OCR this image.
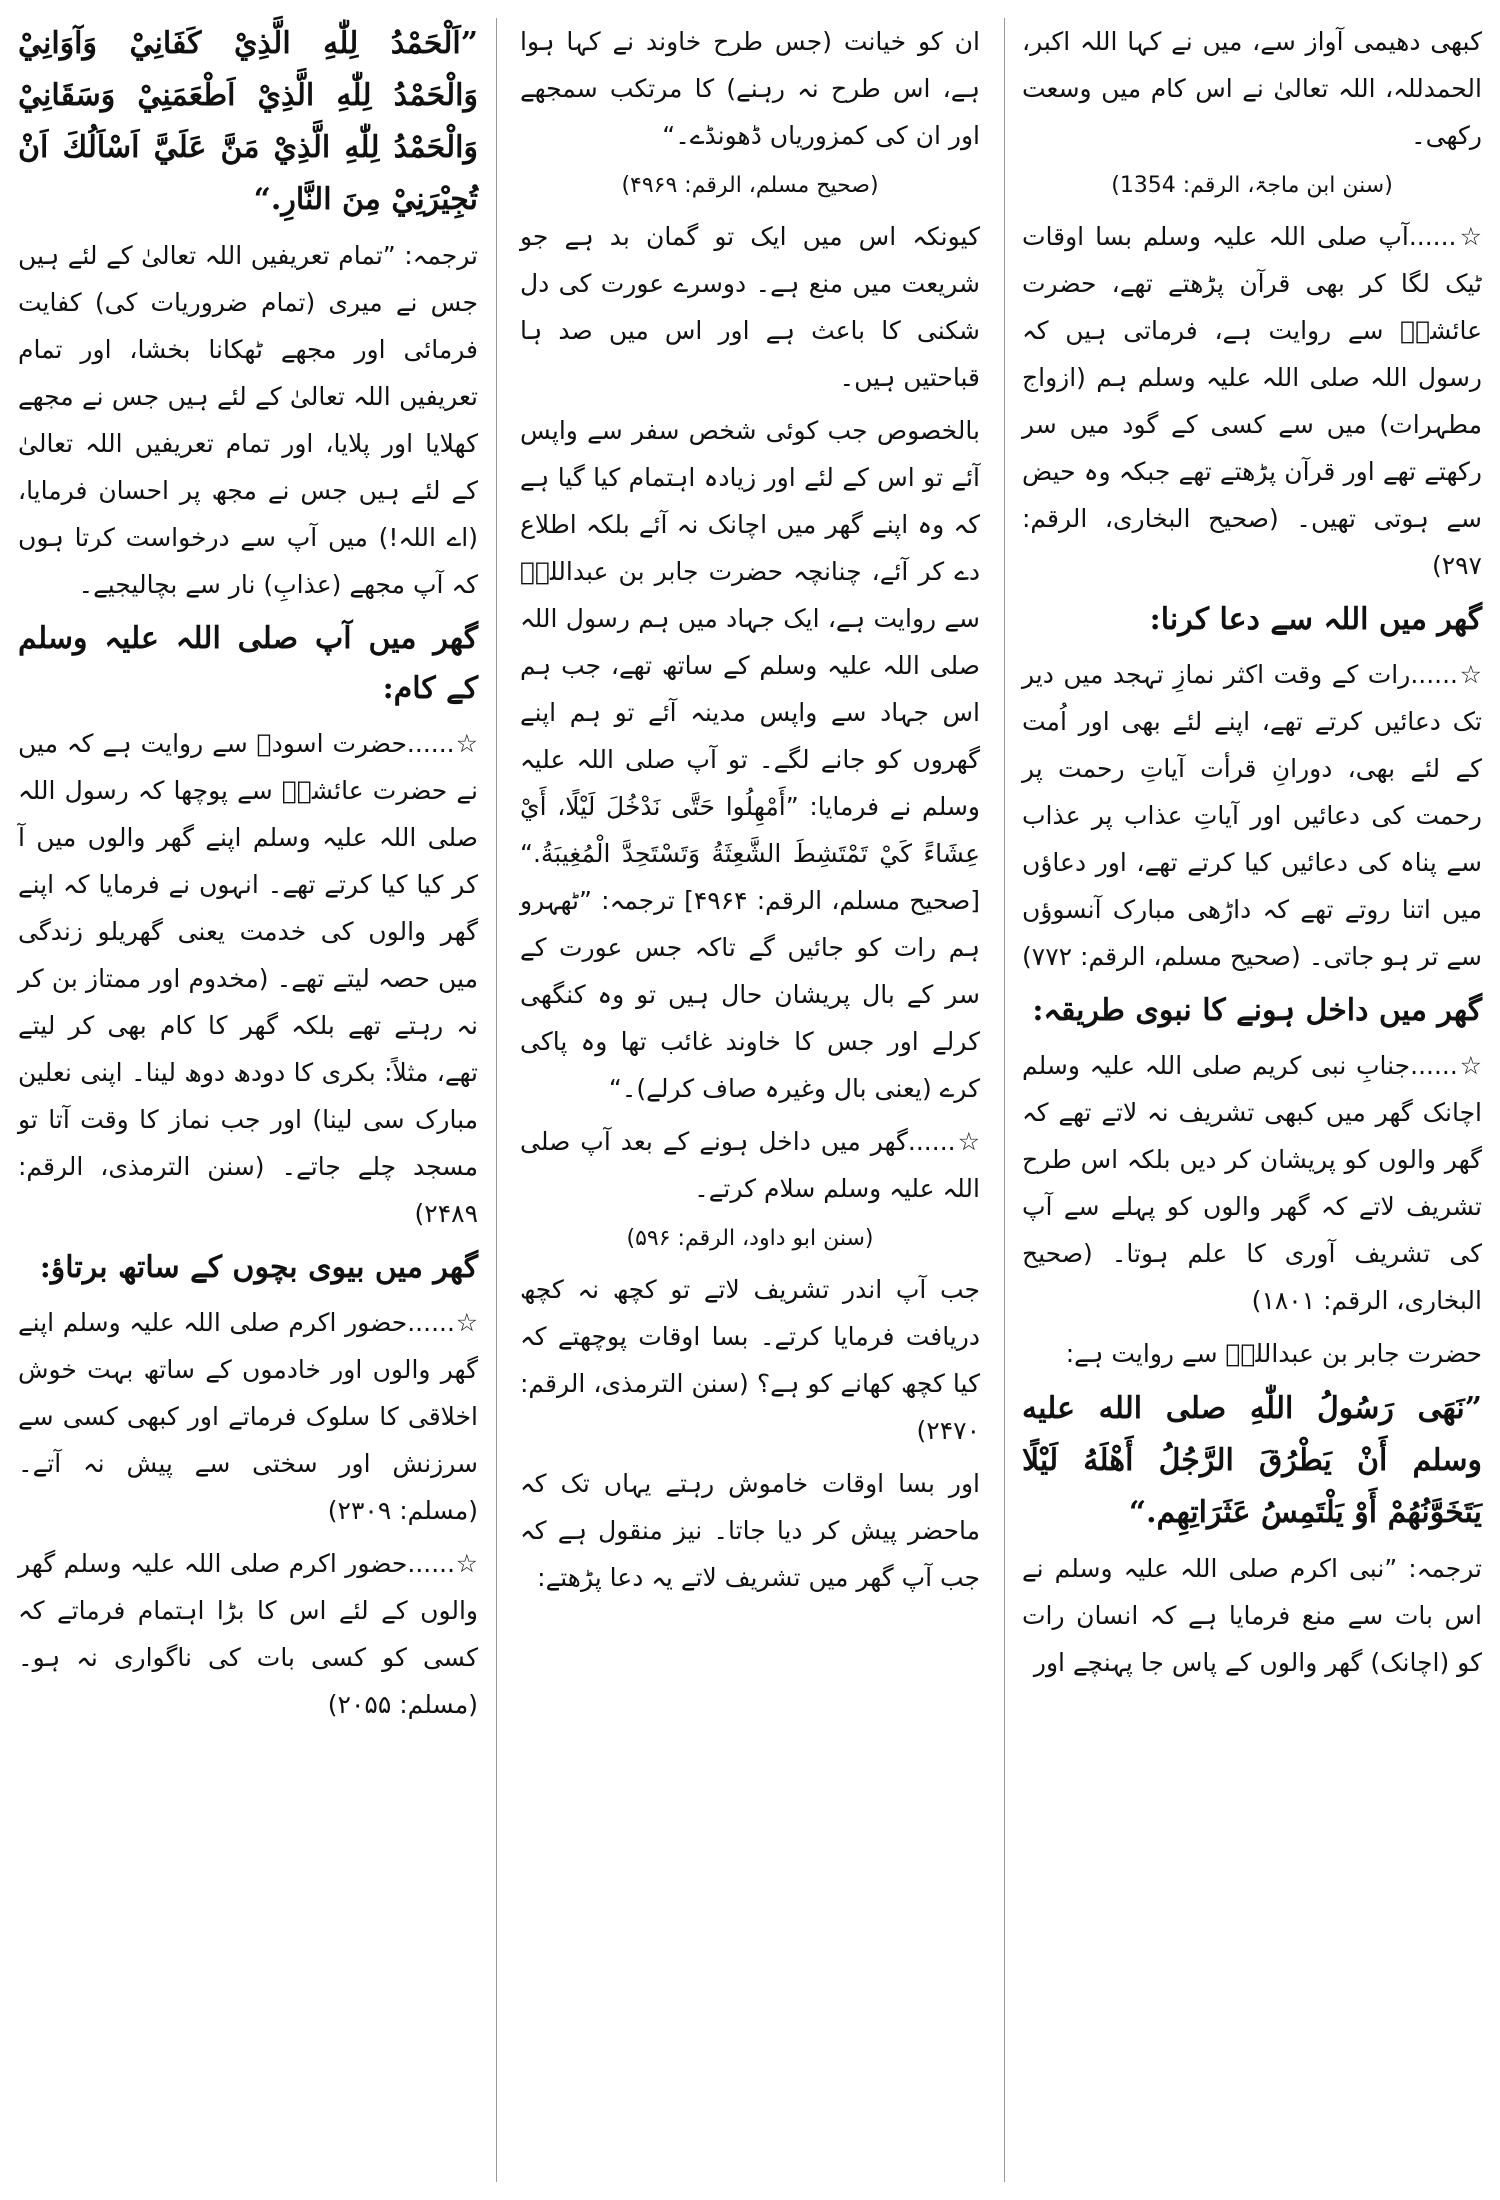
کبھی دھیمی آواز سے، میں نے کہا اللہ اکبر، الحمدللہ، اللہ تعالیٰ نے اس کام میں وسعت رکھی۔

(سنن ابن ماجۃ، الرقم: 1354)

☆......آپ صلی اللہ علیہ وسلم بسا اوقات ٹیک لگا کر بھی قرآن پڑھتے تھے، حضرت عائشہؓ سے روایت ہے، فرماتی ہیں کہ رسول اللہ صلی اللہ علیہ وسلم ہم (ازواج مطہرات) میں سے کسی کے گود میں سر رکھتے تھے اور قرآن پڑھتے تھے جبکہ وہ حیض سے ہوتی تھیں۔ (صحیح البخاری، الرقم: ۲۹۷)

گھر میں اللہ سے دعا کرنا:

☆......رات کے وقت اکثر نمازِ تہجد میں دیر تک دعائیں کرتے تھے، اپنے لئے بھی اور اُمت کے لئے بھی، دورانِ قرأت آیاتِ رحمت پر رحمت کی دعائیں اور آیاتِ عذاب پر عذاب سے پناہ کی دعائیں کیا کرتے تھے، اور دعاؤں میں اتنا روتے تھے کہ داڑھی مبارک آنسوؤں سے تر ہو جاتی۔ (صحیح مسلم، الرقم: ۷۷۲)

گھر میں داخل ہونے کا نبوی طریقہ:

☆......جنابِ نبی کریم صلی اللہ علیہ وسلم اچانک گھر میں کبھی تشریف نہ لاتے تھے کہ گھر والوں کو پریشان کر دیں بلکہ اس طرح تشریف لاتے کہ گھر والوں کو پہلے سے آپ کی تشریف آوری کا علم ہوتا۔ (صحیح البخاری، الرقم: ۱۸۰۱)

حضرت جابر بن عبداللہؓ سے روایت ہے:

”نَهَى رَسُولُ اللّٰهِ صلى الله عليه وسلم أَنْ يَطْرُقَ الرَّجُلُ أَهْلَهُ لَيْلًا يَتَخَوَّنُهُمْ أَوْ يَلْتَمِسُ عَثَرَاتِهِم.“

ترجمہ: ”نبی اکرم صلی اللہ علیہ وسلم نے اس بات سے منع فرمایا ہے کہ انسان رات کو (اچانک) گھر والوں کے پاس جا پہنچے اور

ان کو خیانت (جس طرح خاوند نے کہا ہوا ہے، اس طرح نہ رہنے) کا مرتکب سمجھے اور ان کی کمزوریاں ڈھونڈے۔“

(صحیح مسلم، الرقم: ۴۹۶۹)

کیونکہ اس میں ایک تو گمان بد ہے جو شریعت میں منع ہے۔ دوسرے عورت کی دل شکنی کا باعث ہے اور اس میں صد ہا قباحتیں ہیں۔

بالخصوص جب کوئی شخص سفر سے واپس آئے تو اس کے لئے اور زیادہ اہتمام کیا گیا ہے کہ وہ اپنے گھر میں اچانک نہ آئے بلکہ اطلاع دے کر آئے، چنانچہ حضرت جابر بن عبداللہؓ سے روایت ہے، ایک جہاد میں ہم رسول اللہ صلی اللہ علیہ وسلم کے ساتھ تھے، جب ہم اس جہاد سے واپس مدینہ آئے تو ہم اپنے گھروں کو جانے لگے۔ تو آپ صلی اللہ علیہ وسلم نے فرمایا: ”أَمْهِلُوا حَتَّى نَدْخُلَ لَيْلًا، أَيْ عِشَاءً كَيْ تَمْتَشِطَ الشَّعِثَةُ وَتَسْتَحِدَّ الْمُغِيبَةُ.“ [صحيح مسلم، الرقم: ۴۹۶۴] ترجمہ: ”ٹھہرو ہم رات کو جائیں گے تاکہ جس عورت کے سر کے بال پریشان حال ہیں تو وہ کنگھی کرلے اور جس کا خاوند غائب تھا وہ پاکی کرے (یعنی بال وغیرہ صاف کرلے)۔“

☆......گھر میں داخل ہونے کے بعد آپ صلی اللہ علیہ وسلم سلام کرتے۔

(سنن ابو داود، الرقم: ۵۹۶)

جب آپ اندر تشریف لاتے تو کچھ نہ کچھ دریافت فرمایا کرتے۔ بسا اوقات پوچھتے کہ کیا کچھ کھانے کو ہے؟ (سنن الترمذی، الرقم: ۲۴۷۰)

اور بسا اوقات خاموش رہتے یہاں تک کہ ماحضر پیش کر دیا جاتا۔ نیز منقول ہے کہ جب آپ گھر میں تشریف لاتے یہ دعا پڑھتے:

”اَلْحَمْدُ لِلّٰهِ الَّذِيْ كَفَانِيْ وَآوَانِيْ وَالْحَمْدُ لِلّٰهِ الَّذِيْ اَطْعَمَنِيْ وَسَقَانِيْ وَالْحَمْدُ لِلّٰهِ الَّذِيْ مَنَّ عَلَيَّ اَسْاَلُكَ اَنْ تُجِيْرَنِيْ مِنَ النَّارِ.“

ترجمہ: ”تمام تعریفیں اللہ تعالیٰ کے لئے ہیں جس نے میری (تمام ضروریات کی) کفایت فرمائی اور مجھے ٹھکانا بخشا، اور تمام تعریفیں اللہ تعالیٰ کے لئے ہیں جس نے مجھے کھلایا اور پلایا، اور تمام تعریفیں اللہ تعالیٰ کے لئے ہیں جس نے مجھ پر احسان فرمایا، (اے اللہ!) میں آپ سے درخواست کرتا ہوں کہ آپ مجھے (عذابِ) نار سے بچالیجیے۔

گھر میں آپ صلی اللہ علیہ وسلم کے کام:

☆......حضرت اسودؓ سے روایت ہے کہ میں نے حضرت عائشہؓ سے پوچھا کہ رسول اللہ صلی اللہ علیہ وسلم اپنے گھر والوں میں آ کر کیا کیا کرتے تھے۔ انہوں نے فرمایا کہ اپنے گھر والوں کی خدمت یعنی گھریلو زندگی میں حصہ لیتے تھے۔ (مخدوم اور ممتاز بن کر نہ رہتے تھے بلکہ گھر کا کام بھی کر لیتے تھے، مثلاً: بکری کا دودھ دوھ لینا۔ اپنی نعلین مبارک سی لینا) اور جب نماز کا وقت آتا تو مسجد چلے جاتے۔ (سنن الترمذی، الرقم: ۲۴۸۹)

گھر میں بیوی بچوں کے ساتھ برتاؤ:

☆......حضور اکرم صلی اللہ علیہ وسلم اپنے گھر والوں اور خادموں کے ساتھ بہت خوش اخلاقی کا سلوک فرماتے اور کبھی کسی سے سرزنش اور سختی سے پیش نہ آتے۔ (مسلم: ۲۳۰۹)

☆......حضور اکرم صلی اللہ علیہ وسلم گھر والوں کے لئے اس کا بڑا اہتمام فرماتے کہ کسی کو کسی بات کی ناگواری نہ ہو۔ (مسلم: ۲۰۵۵)
